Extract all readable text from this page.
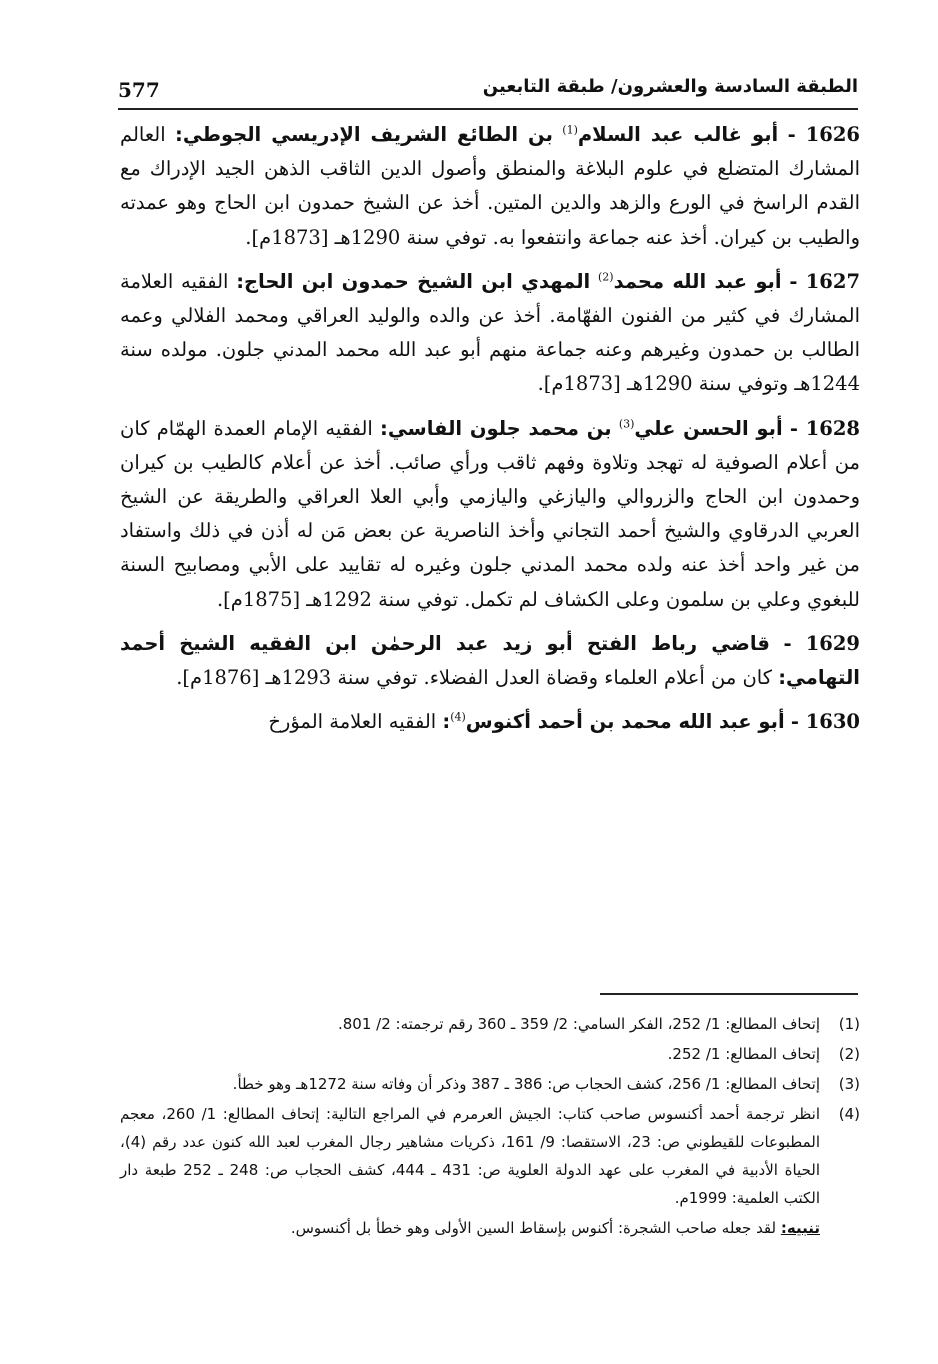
577	الطبقة السادسة والعشرون/ طبقة التابعين

1626 - أبو غالب عبد السلام$^{(1)}$ بن الطائع الشريف الإدريسي الجوطي: العالم المشارك المتضلع في علوم البلاغة والمنطق وأصول الدين الثاقب الذهن الجيد الإدراك مع القدم الراسخ في الورع والزهد والدين المتين. أخذ عن الشيخ حمدون ابن الحاج وهو عمدته والطيب بن كيران. أخذ عنه جماعة وانتفعوا به. توفي سنة 1290هـ [1873م].

1627 - أبو عبد الله محمد$^{(2)}$ المهدي ابن الشيخ حمدون ابن الحاج: الفقيه العلامة المشارك في كثير من الفنون الفهّامة. أخذ عن والده والوليد العراقي ومحمد الفلالي وعمه الطالب بن حمدون وغيرهم وعنه جماعة منهم أبو عبد الله محمد المدني جلون. مولده سنة 1244هـ وتوفي سنة 1290هـ [1873م].

1628 - أبو الحسن علي$^{(3)}$ بن محمد جلون الفاسي: الفقيه الإمام العمدة الهمّام كان من أعلام الصوفية له تهجد وتلاوة وفهم ثاقب ورأي صائب. أخذ عن أعلام كالطيب بن كيران وحمدون ابن الحاج والزروالي واليازغي واليازمي وأبي العلا العراقي والطريقة عن الشيخ العربي الدرقاوي والشيخ أحمد التجاني وأخذ الناصرية عن بعض مَن له أذن في ذلك واستفاد من غير واحد أخذ عنه ولده محمد المدني جلون وغيره له تقاييد على الأبي ومصابيح السنة للبغوي وعلي بن سلمون وعلى الكشاف لم تكمل. توفي سنة 1292هـ [1875م].

1629 - قاضي رباط الفتح أبو زيد عبد الرحمٰن ابن الفقيه الشيخ أحمد التهامي: كان من أعلام العلماء وقضاة العدل الفضلاء. توفي سنة 1293هـ [1876م].

1630 - أبو عبد الله محمد بن أحمد أكنوس$^{(4)}$: الفقيه العلامة المؤرخ

(1)
إتحاف المطالع: 1/ 252، الفكر السامي: 2/ 359 ـ 360 رقم ترجمته: 2/ 801.
(2)
إتحاف المطالع: 1/ 252.
(3)
إتحاف المطالع: 1/ 256، كشف الحجاب ص: 386 ـ 387 وذكر أن وفاته سنة 1272هـ وهو خطأ.
(4)
انظر ترجمة أحمد أكنسوس صاحب كتاب: الجيش العرمرم في المراجع التالية: إتحاف المطالع: 1/ 260، معجم المطبوعات للقيطوني ص: 23، الاستقصا: 9/ 161، ذكريات مشاهير رجال المغرب لعبد الله كنون عدد رقم (4)، الحياة الأدبية في المغرب على عهد الدولة العلوية ص: 431 ـ 444، كشف الحجاب ص: 248 ـ 252 طبعة دار الكتب العلمية: 1999م.
تنبيه: لقد جعله صاحب الشجرة: أكنوس بإسقاط السين الأولى وهو خطأ بل أكنسوس.
